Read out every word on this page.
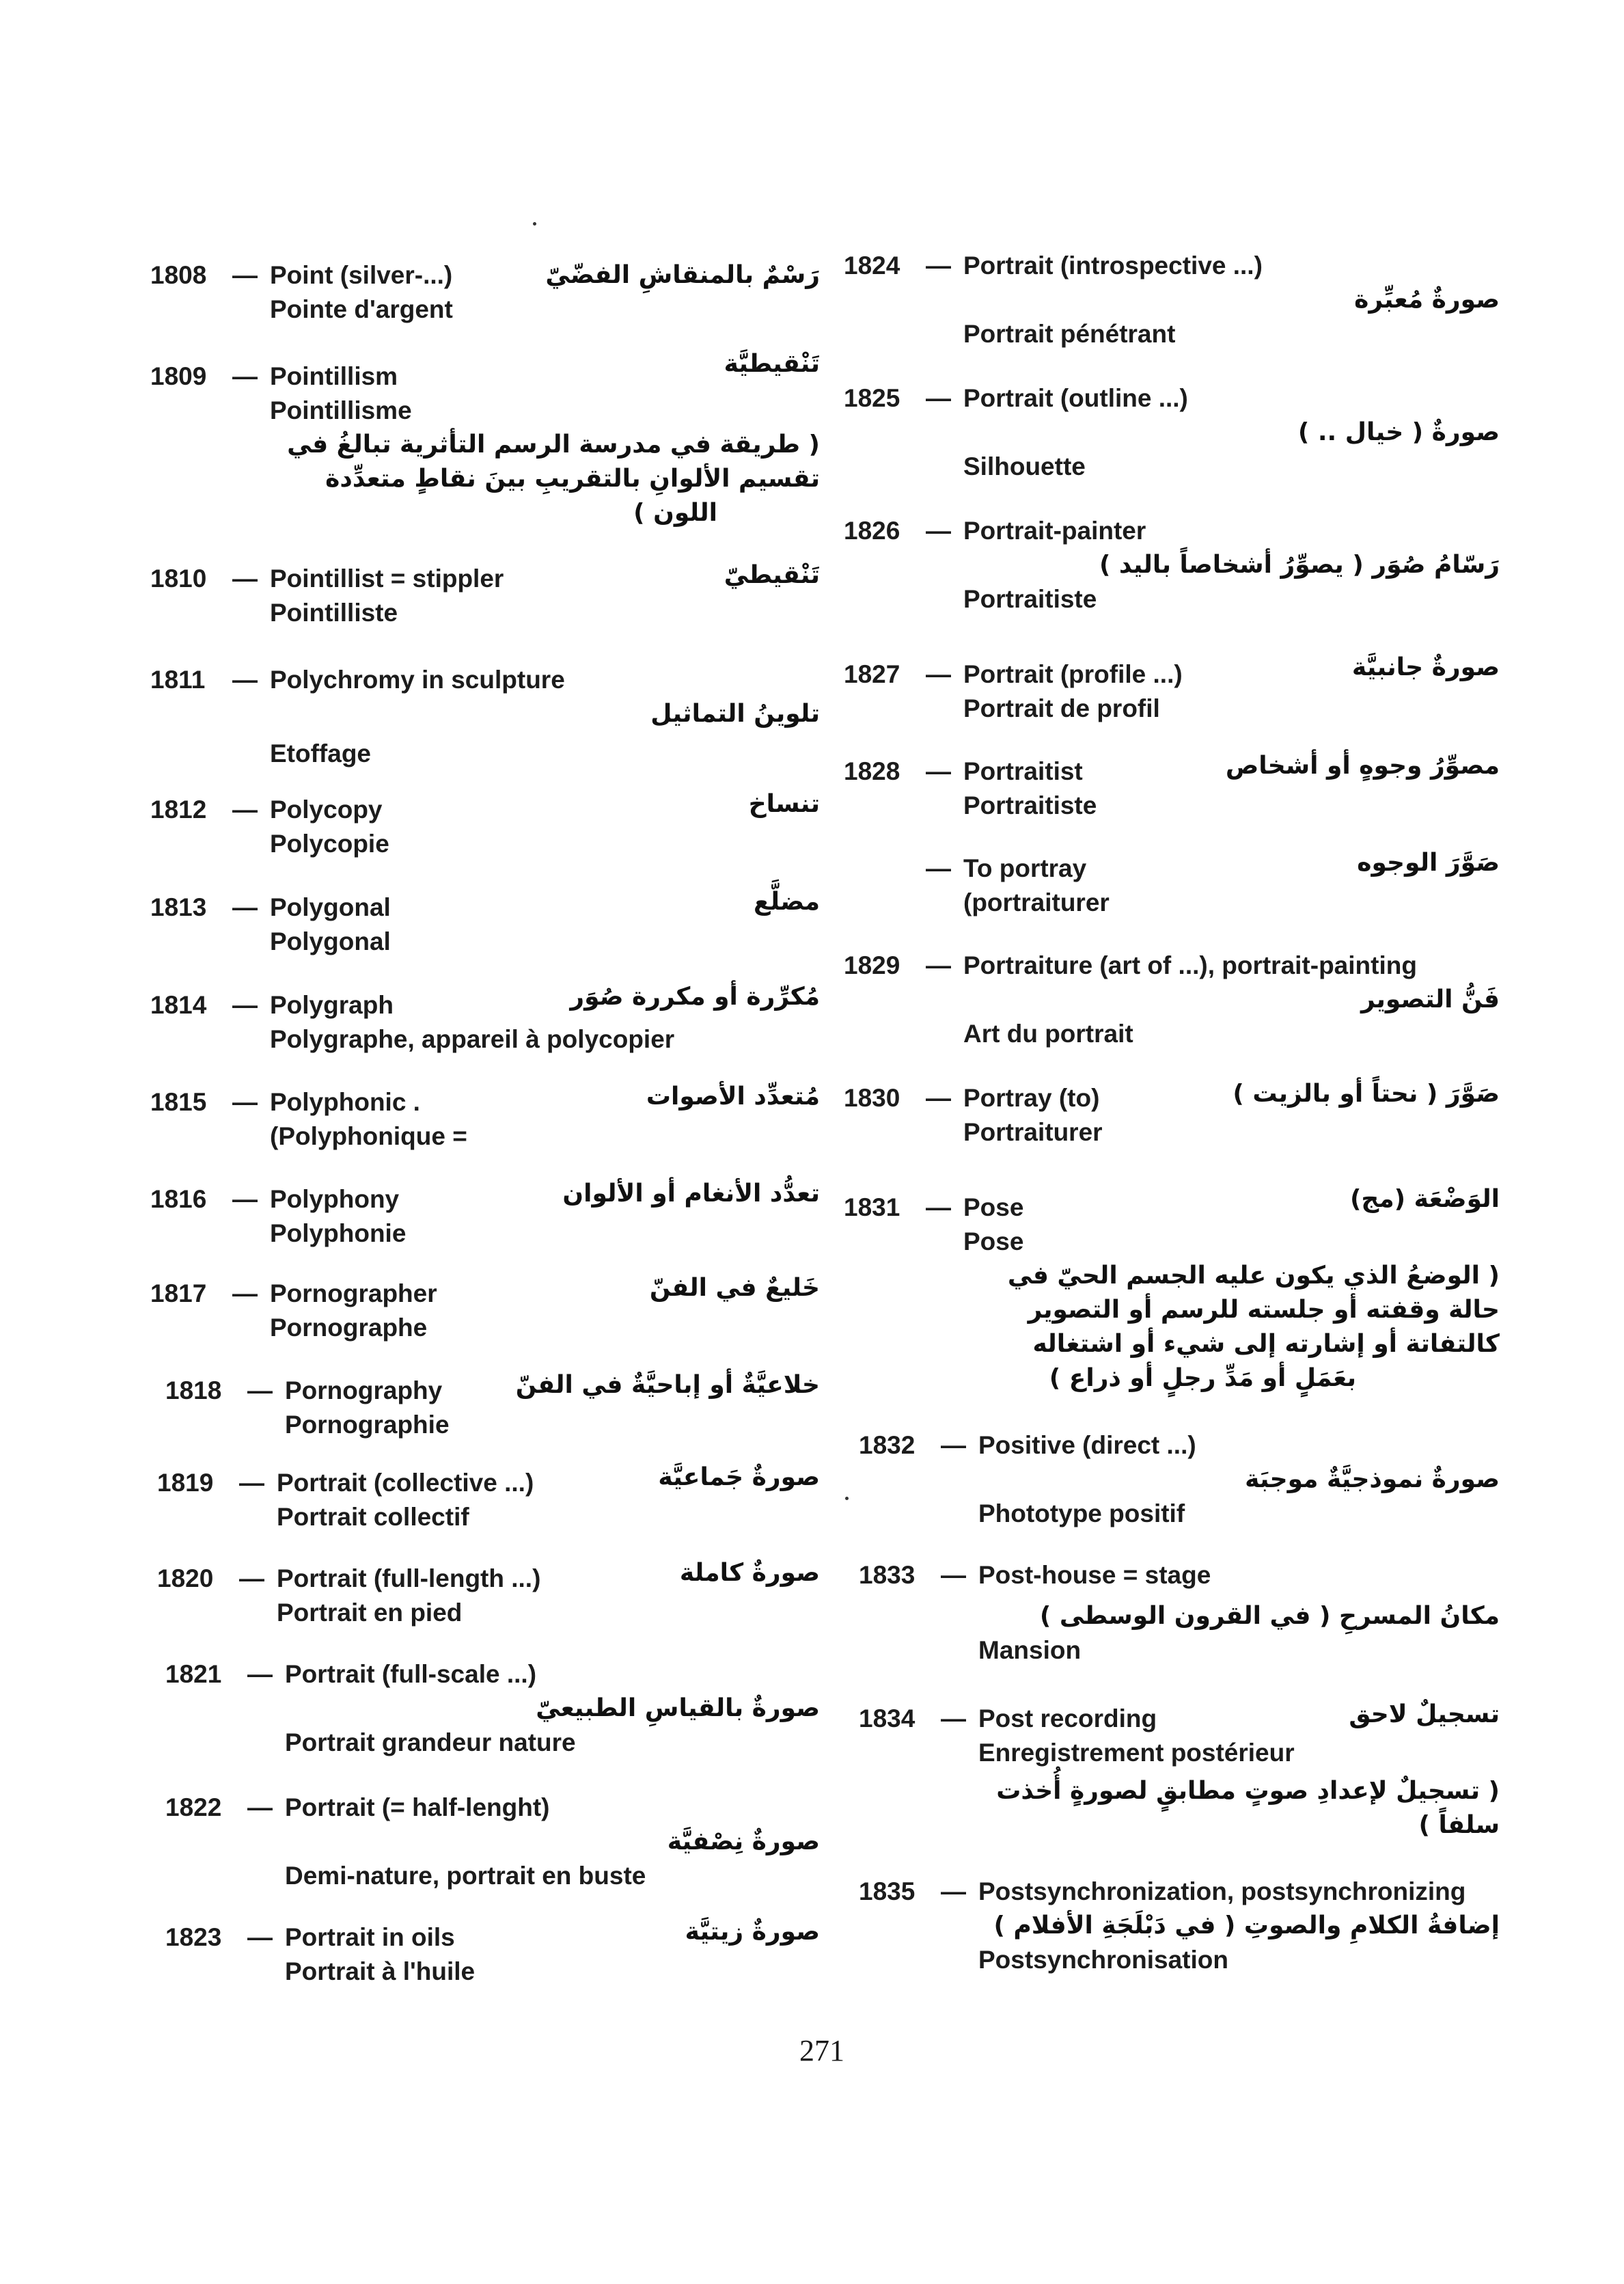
1808 — Point (silver-...)
Pointe d'argent
رَسْمٌ بالمنقاشِ الفضّيّ
1809 — Pointillism
Pointillisme
تَنْقيطيَّة
( طريقة في مدرسة الرسم التأثرية تبالغُ في
تقسيم الألوانِ بالتقريبِ بينَ نقاطٍ متعدِّدة
اللون )
1810 — Pointillist = stippler
Pointilliste
تَنْقيطيّ
1811 — Polychromy in sculpture
تلوينُ التماثيل
Etoffage
1812 — Polycopy
Polycopie
تنساخ
1813 — Polygonal
Polygonal
مضلَّع
1814 — Polygraph
Polygraphe, appareil à polycopier
مُكرِّرة أو مكررة صُوَر
1815 — Polyphonic .
(Polyphonique =
مُتعدِّد الأصوات
1816 — Polyphony
Polyphonie
تعدُّد الأنغام أو الألوان
1817 — Pornographer
Pornographe
خَليعٌ في الفنّ
1818 — Pornography
Pornographie
خلاعيَّةٌ أو إباحيَّةٌ في الفنّ
1819 — Portrait (collective ...)
Portrait collectif
صورةٌ جَماعيَّة
1820 — Portrait (full-length ...)
Portrait en pied
صورةٌ كاملة
1821 — Portrait (full-scale ...)
صورةٌ بالقياسِ الطبيعيّ
Portrait grandeur nature
1822 — Portrait (= half-lenght)
صورةٌ نِصْفيَّة
Demi-nature, portrait en buste
1823 — Portrait in oils
Portrait à l'huile
صورةٌ زيتيَّة
1824 — Portrait (introspective ...)
صورةٌ مُعبِّرة
Portrait pénétrant
1825 — Portrait (outline ...)
صورةٌ ( خيال .. )
Silhouette
1826 — Portrait-painter
رَسّامُ صُوَر ( يصوِّرُ أشخاصاً باليد )
Portraitiste
1827 — Portrait (profile ...)
Portrait de profil
صورةٌ جانبيَّة
1828 — Portraitist
Portraitiste
مصوِّرُ وجوهٍ أو أشخاص
— To portray
(portraiturer
صَوَّرَ الوجوه
1829 — Portraiture (art of ...), portrait-painting
فَنُّ التصوير
Art du portrait
1830 — Portray (to)
Portraiturer
صَوَّرَ ( نحتاً أو بالزيت )
1831 — Pose
Pose
الوَضْعَة (مج)
( الوضعُ الذي يكون عليه الجسم الحيّ في
حالة وقفته أو جلسته للرسم أو التصوير
كالتفاتة أو إشارته إلى شيء أو اشتغاله
بعَمَلٍ أو مَدِّ رجلٍ أو ذراع )
1832 — Positive (direct ...)
صورةٌ نموذجيَّةٌ موجبَة
Phototype positif
1833 — Post-house = stage
مكانُ المسرحِ ( في القرون الوسطى )
Mansion
1834 — Post recording
Enregistrement postérieur
تسجيلٌ لاحق
( تسجيلٌ لإعدادِ صوتٍ مطابقٍ لصورةٍ أُخذت
سلفاً )
1835 — Postsynchronization, postsynchronizing
إضافةُ الكلامِ والصوتِ ( في دَبْلَجَةِ الأفلام )
Postsynchronisation
271
